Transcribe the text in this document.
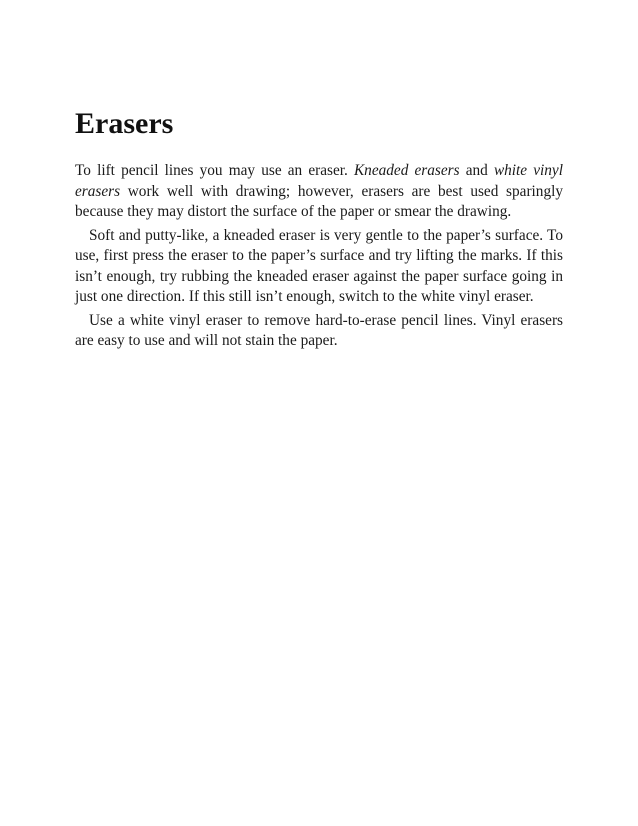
Erasers

To lift pencil lines you may use an eraser. Kneaded erasers and white vinyl erasers work well with drawing; however, erasers are best used sparingly because they may distort the surface of the paper or smear the drawing.

Soft and putty-like, a kneaded eraser is very gentle to the paper’s surface. To use, first press the eraser to the paper’s surface and try lifting the marks. If this isn’t enough, try rubbing the kneaded eraser against the paper surface going in just one direction. If this still isn’t enough, switch to the white vinyl eraser.

Use a white vinyl eraser to remove hard-to-erase pencil lines. Vinyl erasers are easy to use and will not stain the paper.
